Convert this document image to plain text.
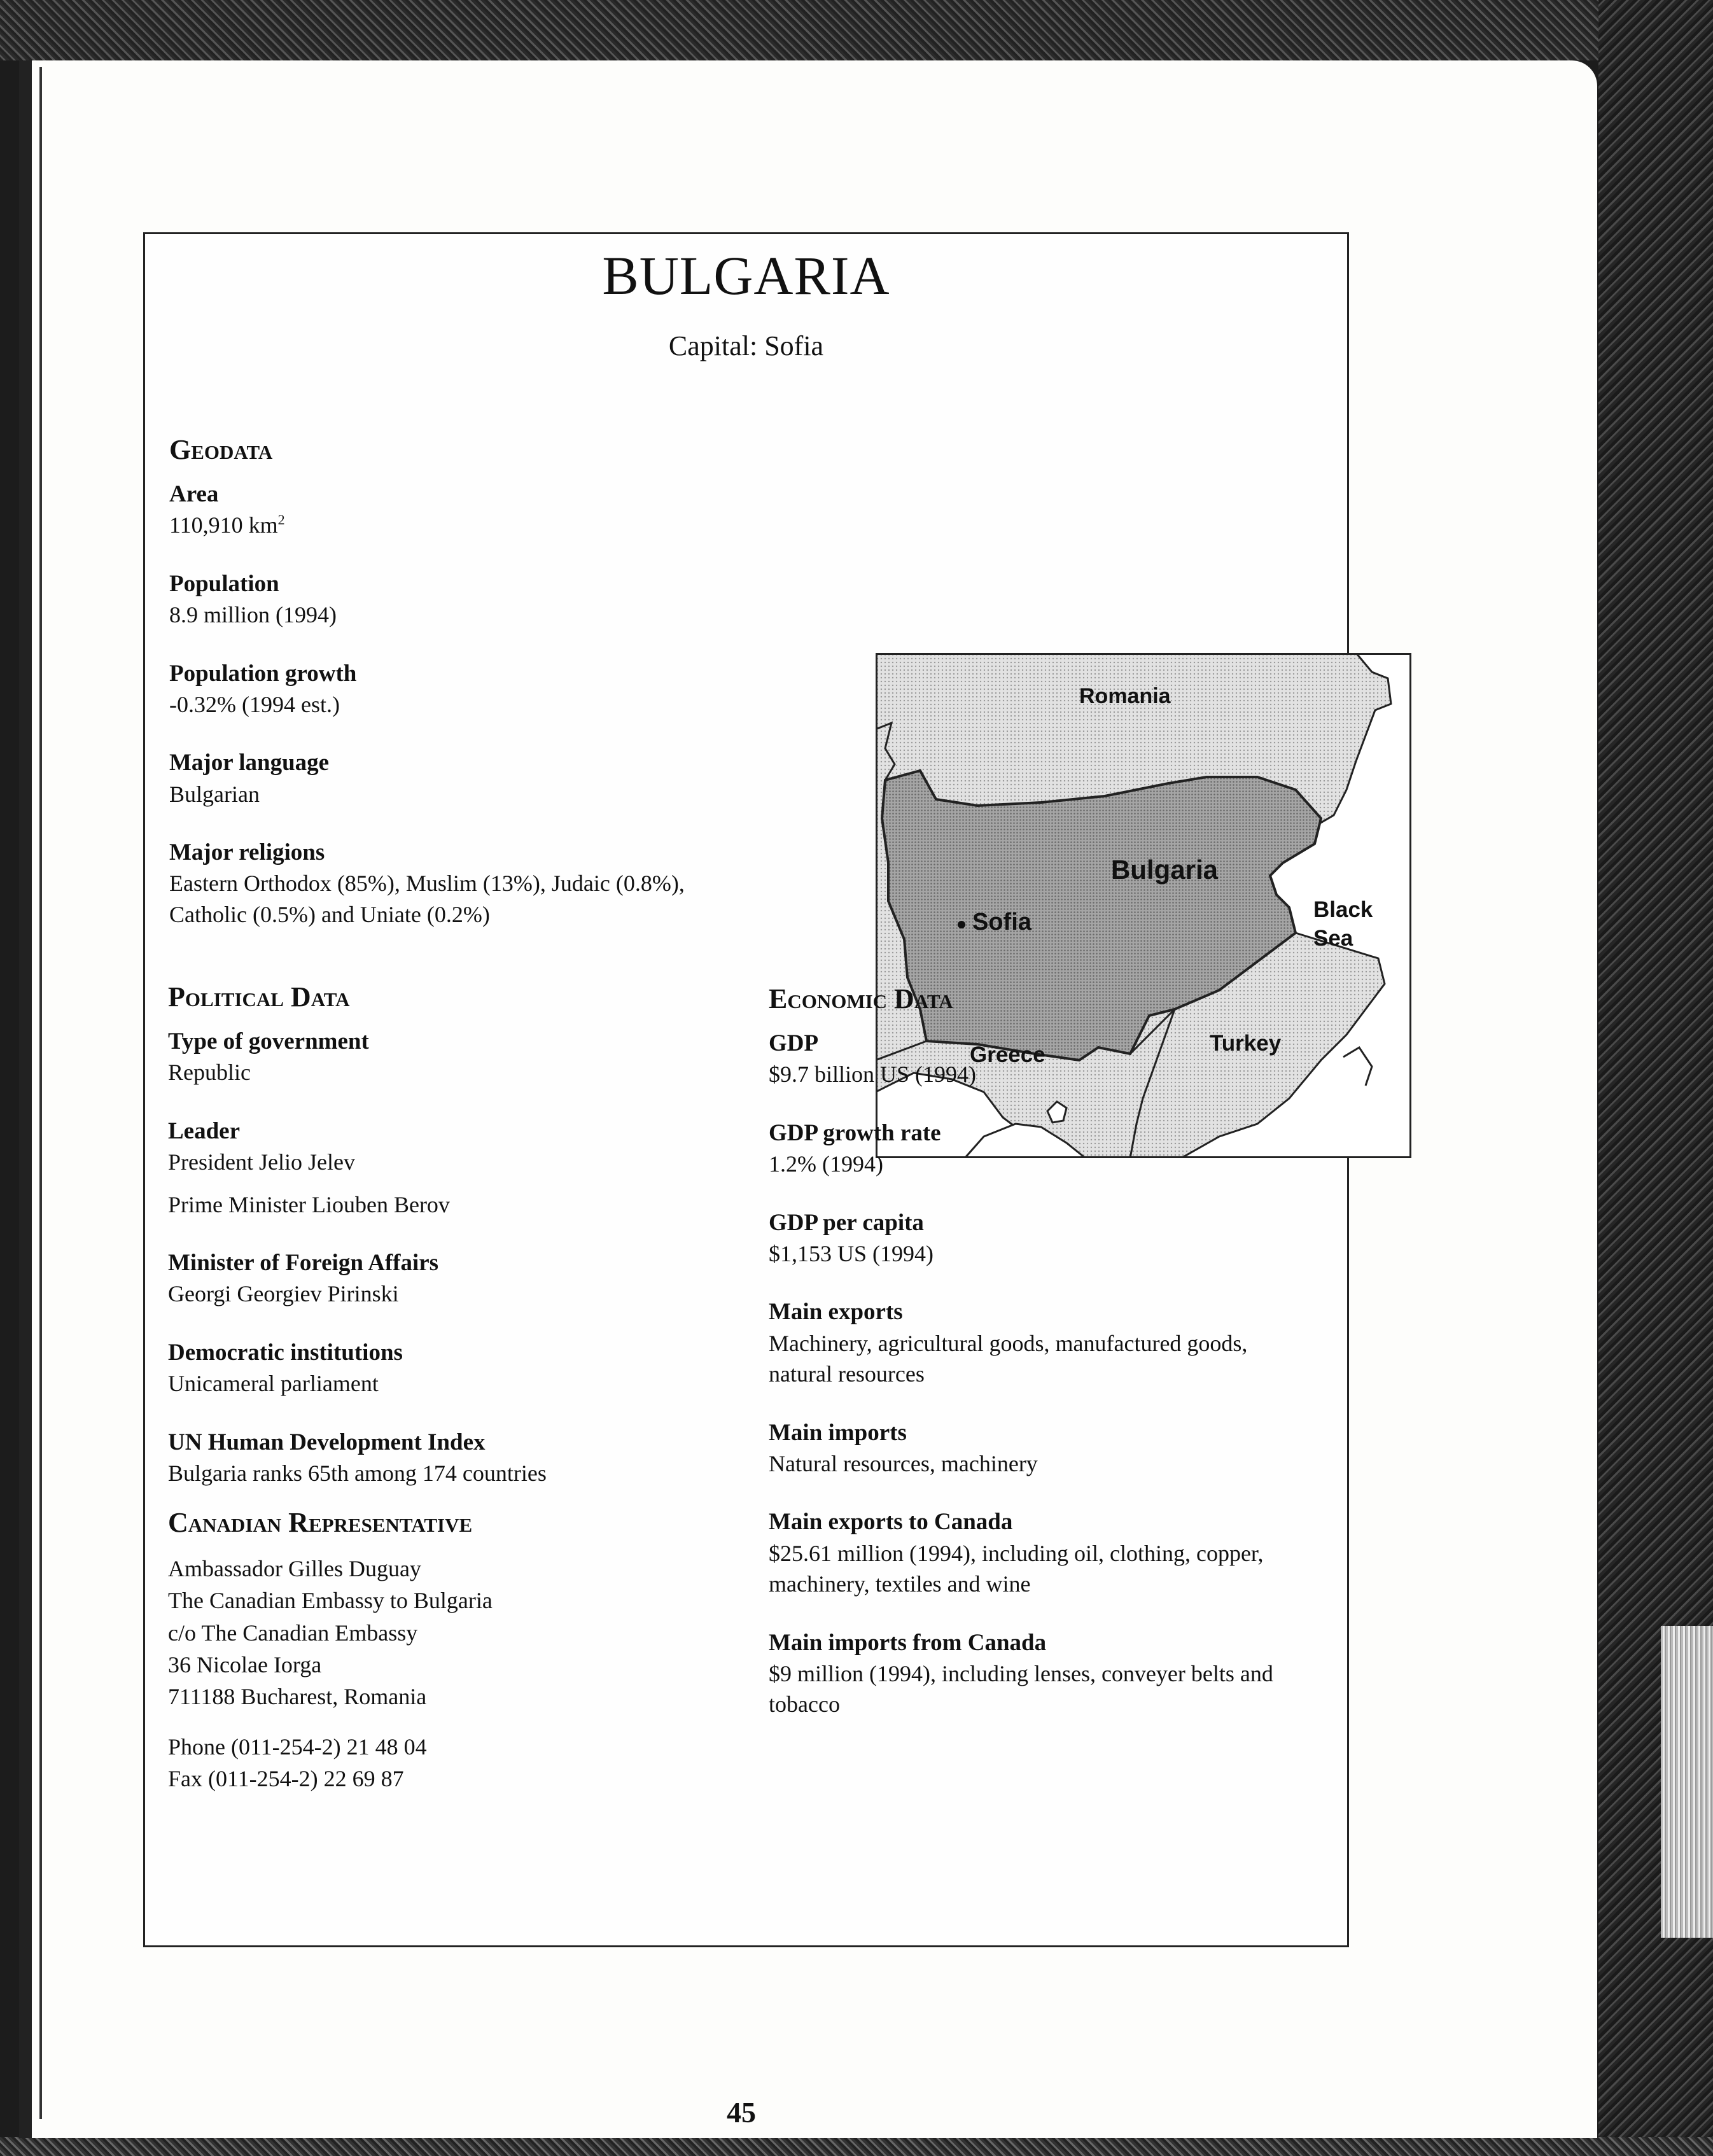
BULGARIA
Capital: Sofia
Geodata
Area
110,910 $km^2$
Population
8.9 million (1994)
Population growth
-0.32% (1994 est.)
Major language
Bulgarian
Major religions
Eastern Orthodox (85%), Muslim (13%), Judaic (0.8%),
Catholic (0.5%) and Uniate (0.2%)
Romania
Bulgaria
Sofia	Black
Sea
Turkey
Greece
Political Data
Type of government
Republic
Leader
President Jelio Jelev
Prime Minister Liouben Berov
Minister of Foreign Affairs
Georgi Georgiev Pirinski
Democratic institutions
Unicameral parliament
UN Human Development Index
Bulgaria ranks 65th among 174 countries
Canadian Representative
Ambassador Gilles Duguay
The Canadian Embassy to Bulgaria
c/o The Canadian Embassy
36 Nicolae Iorga
711188 Bucharest, Romania
Phone (011-254-2) 21 48 04
Fax (011-254-2) 22 69 87
Economic Data
GDP
$9.7 billion US (1994)
GDP growth rate
1.2% (1994)
GDP per capita
$1,153 US (1994)
Main exports
Machinery, agricultural goods, manufactured goods,
natural resources
Main imports
Natural resources, machinery
Main exports to Canada
$25.61 million (1994), including oil, clothing, copper,
machinery, textiles and wine
Main imports from Canada
$9 million (1994), including lenses, conveyer belts and
tobacco
45
